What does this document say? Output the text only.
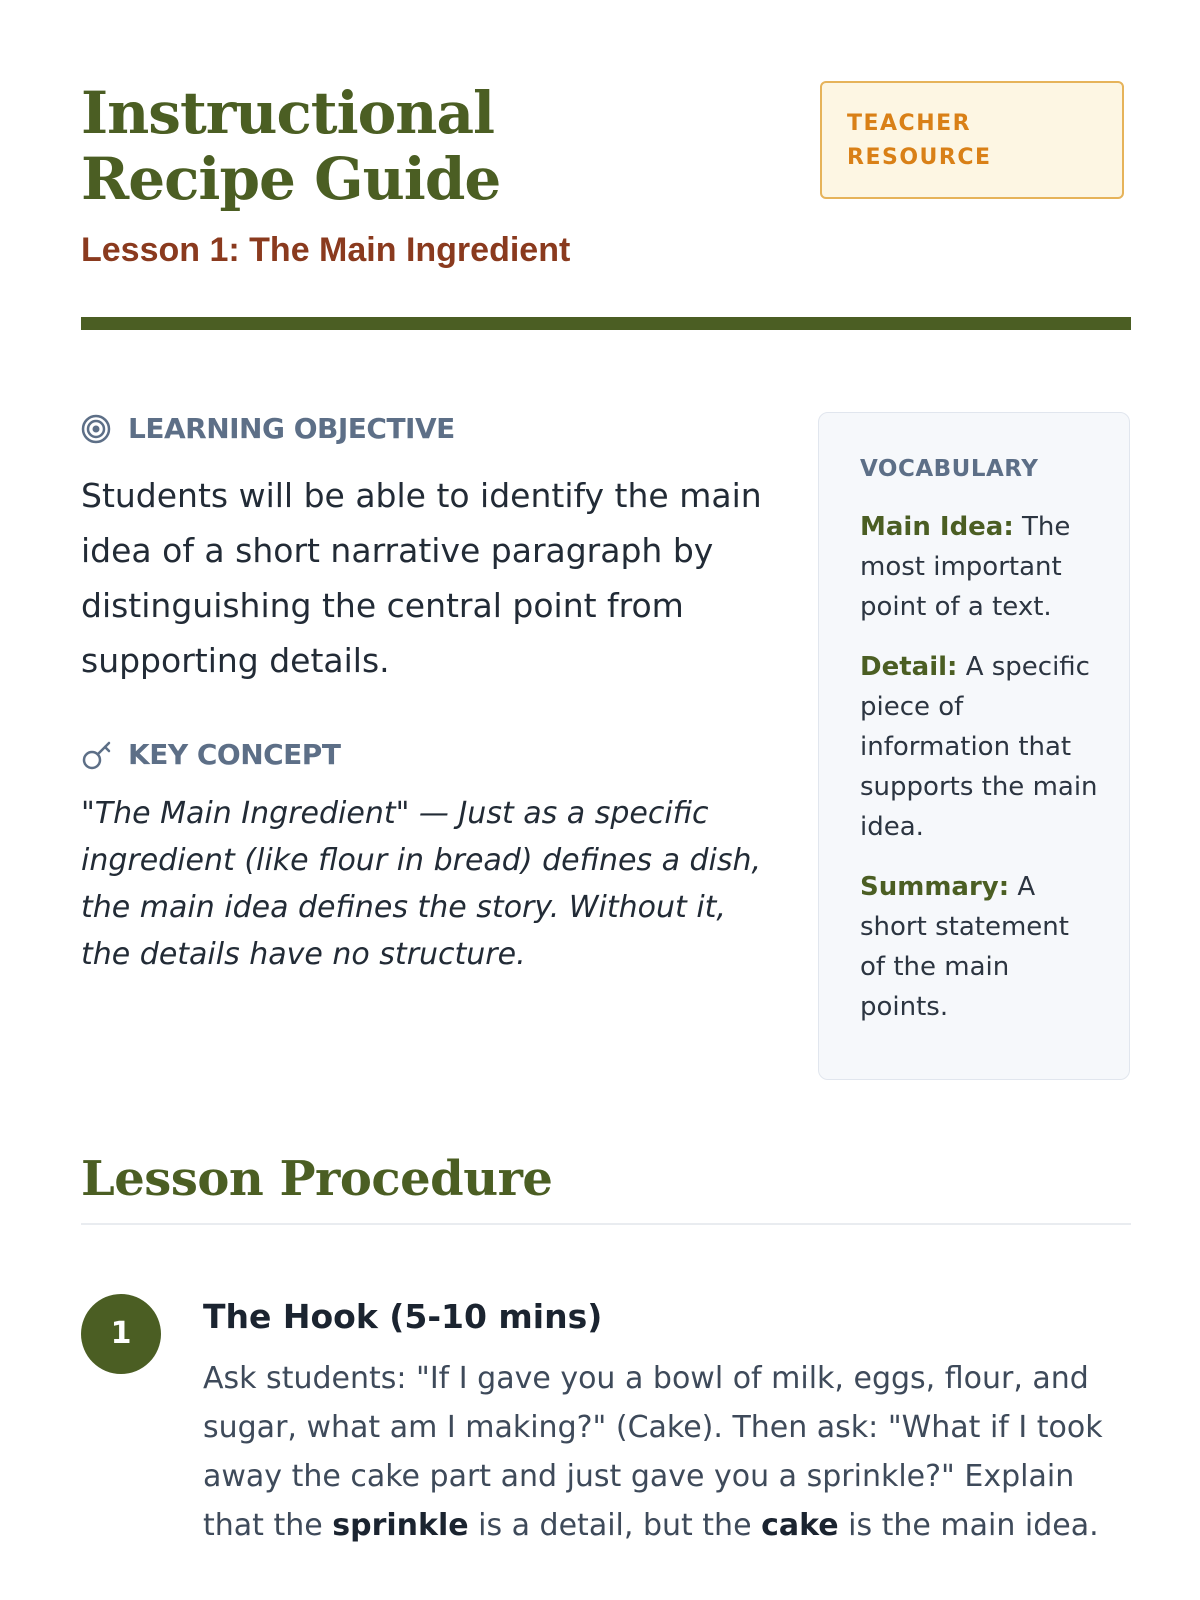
Instructional Recipe Guide
Lesson 1: The Main Ingredient
TEACHER
RESOURCE
LEARNING OBJECTIVE
Students will be able to identify the main idea of a short narrative paragraph by distinguishing the central point from supporting details.
KEY CONCEPT
"The Main Ingredient" — Just as a specific ingredient (like flour in bread) defines a dish, the main idea defines the story. Without it, the details have no structure.
VOCABULARY
Main Idea: The most important point of a text.
Detail: A specific piece of information that supports the main idea.
Summary: A short statement of the main points.
Lesson Procedure
1	The Hook (5-10 mins)
Ask students: "If I gave you a bowl of milk, eggs, flour, and sugar, what am I making?" (Cake). Then ask: "What if I took away the cake part and just gave you a sprinkle?" Explain that the sprinkle is a detail, but the cake is the main idea.
